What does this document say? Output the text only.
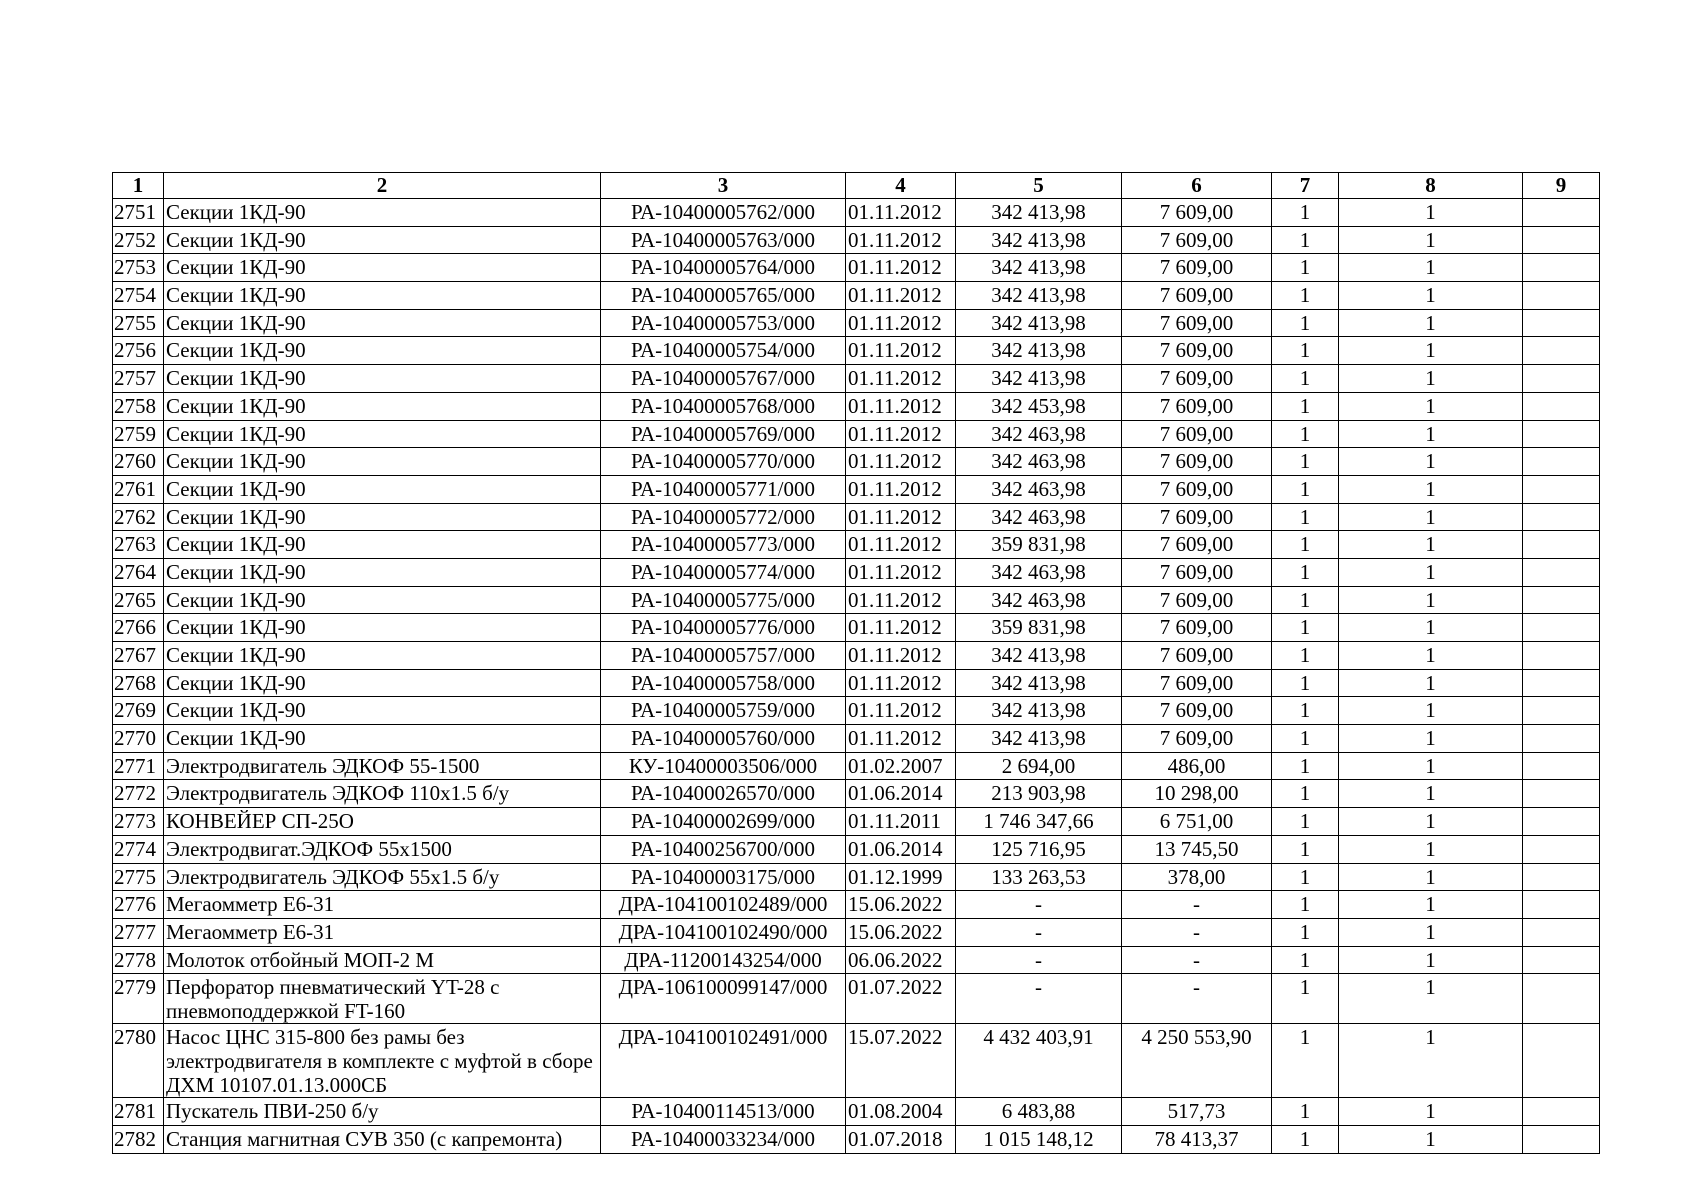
1	2	3	4	5	6	7	8	9
2751	Секции 1КД-90	РА-10400005762/000	01.11.2012	342 413,98	7 609,00	1	1	
2752	Секции 1КД-90	РА-10400005763/000	01.11.2012	342 413,98	7 609,00	1	1	
2753	Секции 1КД-90	РА-10400005764/000	01.11.2012	342 413,98	7 609,00	1	1	
2754	Секции 1КД-90	РА-10400005765/000	01.11.2012	342 413,98	7 609,00	1	1	
2755	Секции 1КД-90	РА-10400005753/000	01.11.2012	342 413,98	7 609,00	1	1	
2756	Секции 1КД-90	РА-10400005754/000	01.11.2012	342 413,98	7 609,00	1	1	
2757	Секции 1КД-90	РА-10400005767/000	01.11.2012	342 413,98	7 609,00	1	1	
2758	Секции 1КД-90	РА-10400005768/000	01.11.2012	342 453,98	7 609,00	1	1	
2759	Секции 1КД-90	РА-10400005769/000	01.11.2012	342 463,98	7 609,00	1	1	
2760	Секции 1КД-90	РА-10400005770/000	01.11.2012	342 463,98	7 609,00	1	1	
2761	Секции 1КД-90	РА-10400005771/000	01.11.2012	342 463,98	7 609,00	1	1	
2762	Секции 1КД-90	РА-10400005772/000	01.11.2012	342 463,98	7 609,00	1	1	
2763	Секции 1КД-90	РА-10400005773/000	01.11.2012	359 831,98	7 609,00	1	1	
2764	Секции 1КД-90	РА-10400005774/000	01.11.2012	342 463,98	7 609,00	1	1	
2765	Секции 1КД-90	РА-10400005775/000	01.11.2012	342 463,98	7 609,00	1	1	
2766	Секции 1КД-90	РА-10400005776/000	01.11.2012	359 831,98	7 609,00	1	1	
2767	Секции 1КД-90	РА-10400005757/000	01.11.2012	342 413,98	7 609,00	1	1	
2768	Секции 1КД-90	РА-10400005758/000	01.11.2012	342 413,98	7 609,00	1	1	
2769	Секции 1КД-90	РА-10400005759/000	01.11.2012	342 413,98	7 609,00	1	1	
2770	Секции 1КД-90	РА-10400005760/000	01.11.2012	342 413,98	7 609,00	1	1	
2771	Электродвигатель ЭДКОФ 55-1500	КУ-10400003506/000	01.02.2007	2 694,00	486,00	1	1	
2772	Электродвигатель ЭДКОФ 110х1.5 б/у	РА-10400026570/000	01.06.2014	213 903,98	10 298,00	1	1	
2773	КОНВЕЙЕР СП-25О	РА-10400002699/000	01.11.2011	1 746 347,66	6 751,00	1	1	
2774	Электродвигат.ЭДКОФ 55х1500	РА-10400256700/000	01.06.2014	125 716,95	13 745,50	1	1	
2775	Электродвигатель ЭДКОФ 55х1.5 б/у	РА-10400003175/000	01.12.1999	133 263,53	378,00	1	1	
2776	Мегаомметр Е6-31	ДРА-104100102489/000	15.06.2022	-	-	1	1	
2777	Мегаомметр Е6-31	ДРА-104100102490/000	15.06.2022	-	-	1	1	
2778	Молоток отбойный МОП-2 М	ДРА-11200143254/000	06.06.2022	-	-	1	1	
2779	Перфоратор пневматический YT-28 с пневмоподдержкой FT-160	ДРА-106100099147/000	01.07.2022	-	-	1	1	
2780	Насос ЦНС 315-800 без рамы без электродвигателя в комплекте с муфтой в сборе ДХМ 10107.01.13.000СБ	ДРА-104100102491/000	15.07.2022	4 432 403,91	4 250 553,90	1	1	
2781	Пускатель ПВИ-250 б/у	РА-10400114513/000	01.08.2004	6 483,88	517,73	1	1	
2782	Станция магнитная СУВ 350 (с капремонта)	РА-10400033234/000	01.07.2018	1 015 148,12	78 413,37	1	1	
